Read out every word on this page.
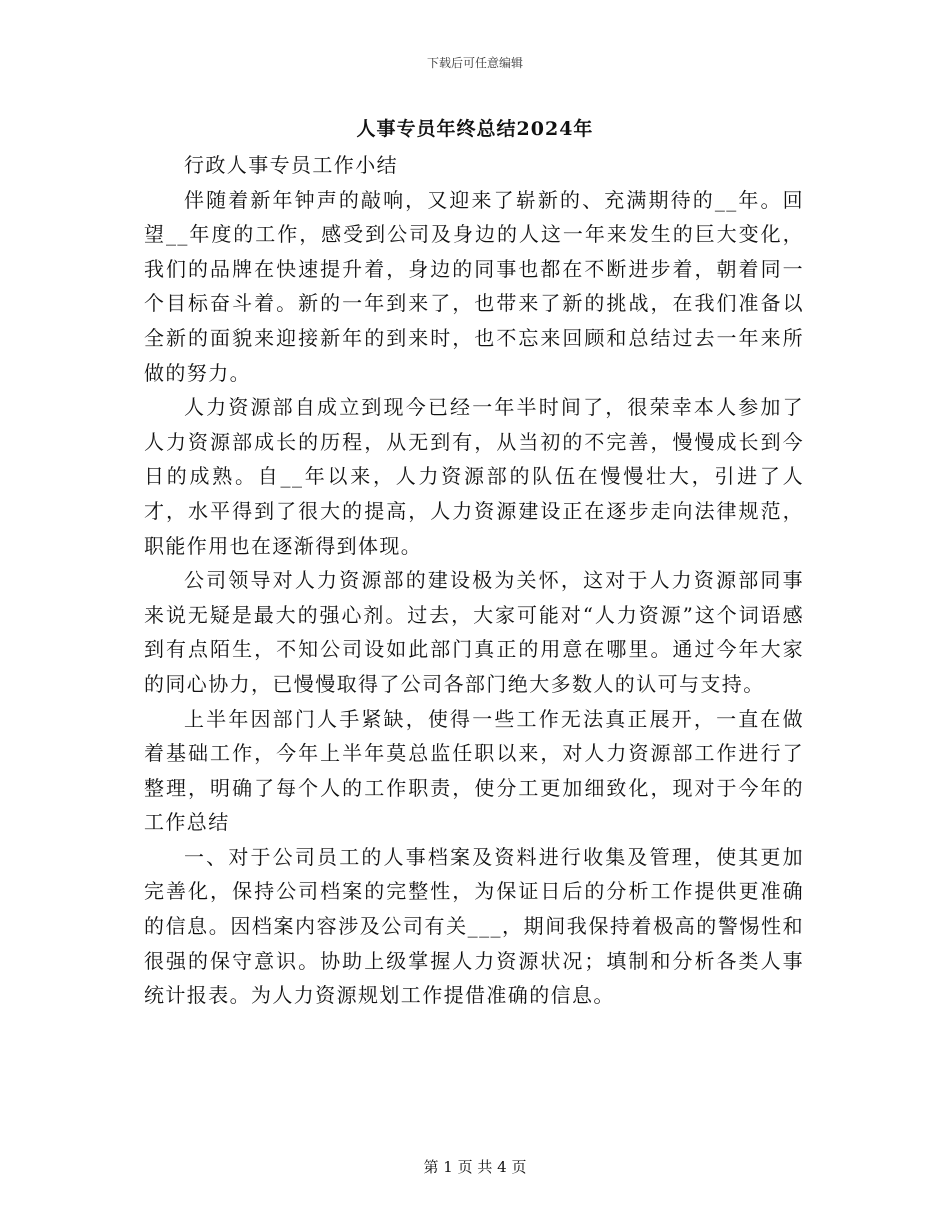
下载后可任意编辑
人事专员年终总结2024年

行政人事专员工作小结

伴随着新年钟声的敲响，又迎来了崭新的、充满期待的__年。回望__年度的工作，感受到公司及身边的人这一年来发生的巨大变化，我们的品牌在快速提升着，身边的同事也都在不断进步着，朝着同一个目标奋斗着。新的一年到来了，也带来了新的挑战，在我们准备以全新的面貌来迎接新年的到来时，也不忘来回顾和总结过去一年来所做的努力。

人力资源部自成立到现今已经一年半时间了，很荣幸本人参加了人力资源部成长的历程，从无到有，从当初的不完善，慢慢成长到今日的成熟。自__年以来，人力资源部的队伍在慢慢壮大，引进了人才，水平得到了很大的提高，人力资源建设正在逐步走向法律规范，职能作用也在逐渐得到体现。

公司领导对人力资源部的建设极为关怀，这对于人力资源部同事来说无疑是最大的强心剂。过去，大家可能对“人力资源”这个词语感到有点陌生，不知公司设如此部门真正的用意在哪里。通过今年大家的同心协力，已慢慢取得了公司各部门绝大多数人的认可与支持。

上半年因部门人手紧缺，使得一些工作无法真正展开，一直在做着基础工作，今年上半年莫总监任职以来，对人力资源部工作进行了整理，明确了每个人的工作职责，使分工更加细致化，现对于今年的工作总结

一、对于公司员工的人事档案及资料进行收集及管理，使其更加完善化，保持公司档案的完整性，为保证日后的分析工作提供更准确的信息。因档案内容涉及公司有关___，期间我保持着极高的警惕性和很强的保守意识。协助上级掌握人力资源状况；填制和分析各类人事统计报表。为人力资源规划工作提借准确的信息。

第 1 页 共 4 页
